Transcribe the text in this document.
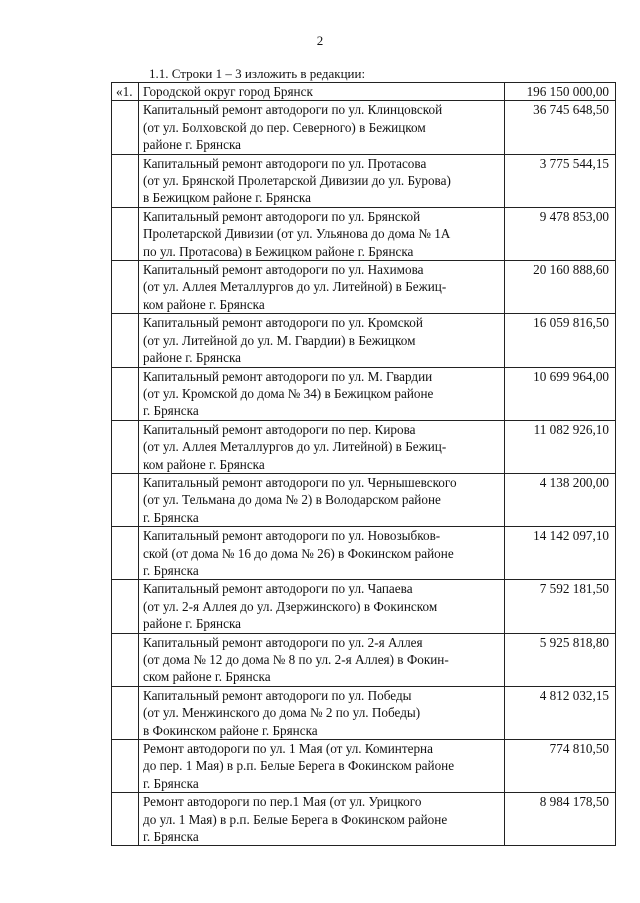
2
1.1. Строки 1 – 3 изложить в редакции:
«1.	Городской округ город Брянск	196 150 000,00

	Капитальный ремонт автодороги по ул. Клинцовской
(от ул. Болховской до пер. Северного) в Бежицком
районе г. Брянска	36 745 648,50

	Капитальный ремонт автодороги по ул. Протасова
(от ул. Брянской Пролетарской Дивизии до ул. Бурова)
в Бежицком районе г. Брянска	3 775 544,15

	Капитальный ремонт автодороги по ул. Брянской
Пролетарской Дивизии (от ул. Ульянова до дома № 1А
по ул. Протасова) в Бежицком районе г. Брянска	9 478 853,00

	Капитальный ремонт автодороги по ул. Нахимова
(от ул. Аллея Металлургов до ул. Литейной) в Бежиц-
ком районе г. Брянска	20 160 888,60

	Капитальный ремонт автодороги по ул. Кромской
(от ул. Литейной до ул. М. Гвардии) в Бежицком
районе г. Брянска	16 059 816,50

	Капитальный ремонт автодороги по ул. М. Гвардии
(от ул. Кромской до дома № 34) в Бежицком районе
г. Брянска	10 699 964,00

	Капитальный ремонт автодороги по пер. Кирова
(от ул. Аллея Металлургов до ул. Литейной) в Бежиц-
ком районе г. Брянска	11 082 926,10

	Капитальный ремонт автодороги по ул. Чернышевского
(от ул. Тельмана до дома № 2) в Володарском районе
г. Брянска	4 138 200,00

	Капитальный ремонт автодороги по ул. Новозыбков-
ской (от дома № 16 до дома № 26) в Фокинском районе
г. Брянска	14 142 097,10

	Капитальный ремонт автодороги по ул. Чапаева
(от ул. 2-я Аллея до ул. Дзержинского) в Фокинском
районе г. Брянска	7 592 181,50

	Капитальный ремонт автодороги по ул. 2-я Аллея
(от дома № 12 до дома № 8 по ул. 2-я Аллея) в Фокин-
ском районе г. Брянска	5 925 818,80

	Капитальный ремонт автодороги по ул. Победы
(от ул. Менжинского до дома № 2 по ул. Победы)
в Фокинском районе г. Брянска	4 812 032,15

	Ремонт автодороги по ул. 1 Мая (от ул. Коминтерна
до пер. 1 Мая) в р.п. Белые Берега в Фокинском районе
г. Брянска	774 810,50

	Ремонт автодороги по пер.1 Мая (от ул. Урицкого
до ул. 1 Мая) в р.п. Белые Берега в Фокинском районе
г. Брянска	8 984 178,50
